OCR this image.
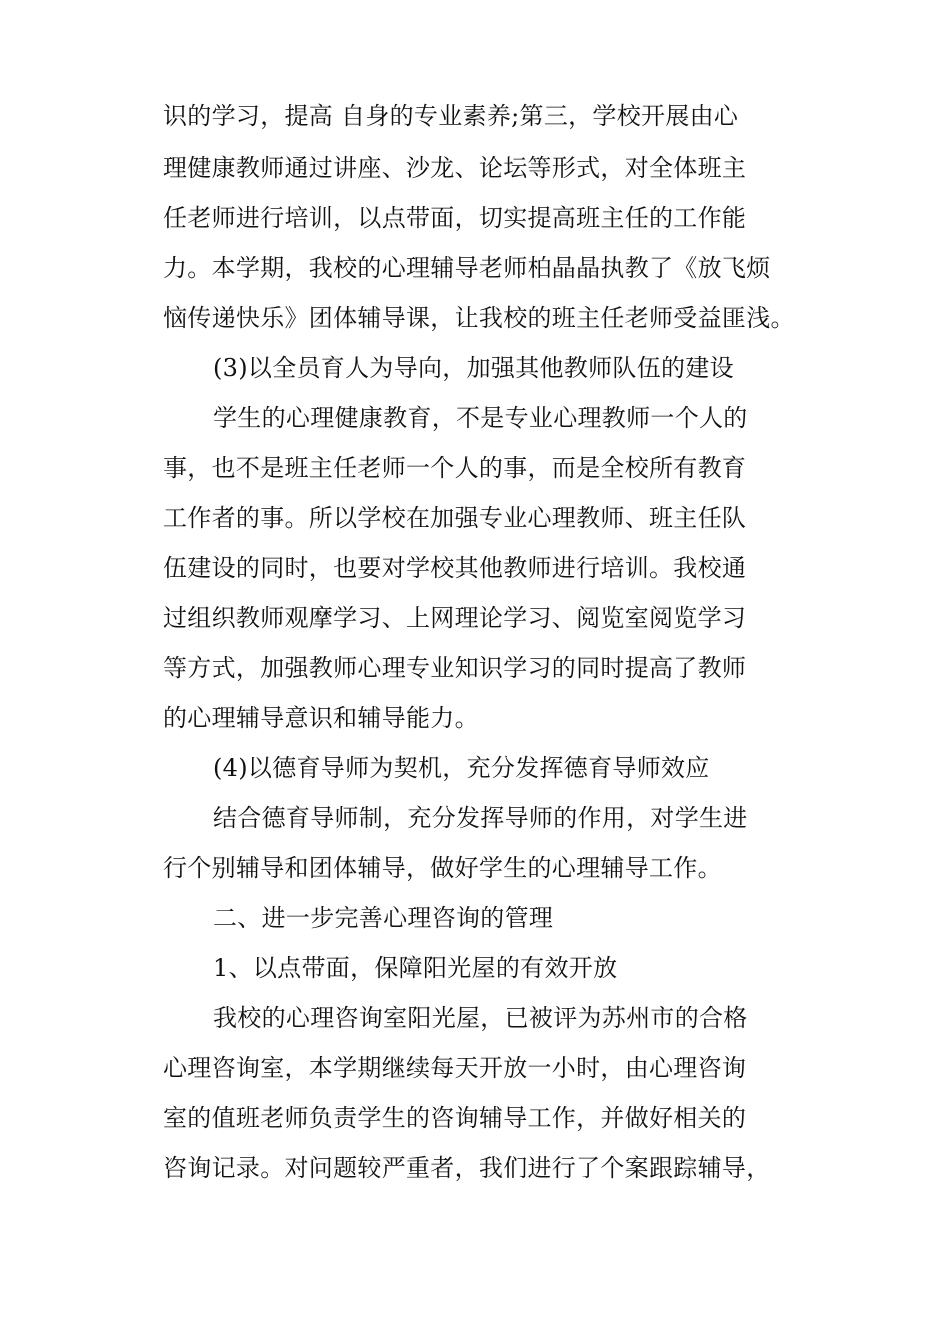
识的学习，提高 自身的专业素养;第三，学校开展由心
理健康教师通过讲座、沙龙、论坛等形式，对全体班主
任老师进行培训，以点带面，切实提高班主任的工作能
力。本学期，我校的心理辅导老师柏晶晶执教了《放飞烦
恼传递快乐》团体辅导课，让我校的班主任老师受益匪浅。
(3)以全员育人为导向，加强其他教师队伍的建设
学生的心理健康教育，不是专业心理教师一个人的
事，也不是班主任老师一个人的事，而是全校所有教育
工作者的事。所以学校在加强专业心理教师、班主任队
伍建设的同时，也要对学校其他教师进行培训。我校通
过组织教师观摩学习、上网理论学习、阅览室阅览学习
等方式，加强教师心理专业知识学习的同时提高了教师
的心理辅导意识和辅导能力。
(4)以德育导师为契机，充分发挥德育导师效应
结合德育导师制，充分发挥导师的作用，对学生进
行个别辅导和团体辅导，做好学生的心理辅导工作。
二、进一步完善心理咨询的管理
1、以点带面，保障阳光屋的有效开放
我校的心理咨询室阳光屋，已被评为苏州市的合格
心理咨询室，本学期继续每天开放一小时，由心理咨询
室的值班老师负责学生的咨询辅导工作，并做好相关的
咨询记录。对问题较严重者，我们进行了个案跟踪辅导，
